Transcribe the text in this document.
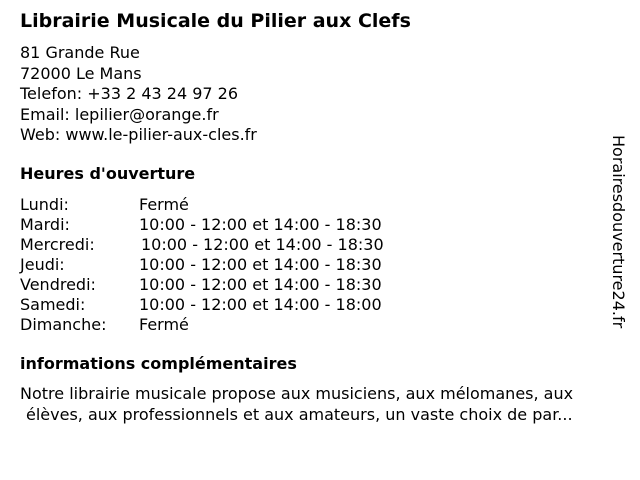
Librairie Musicale du Pilier aux Clefs
81 Grande Rue
72000 Le Mans
Telefon: +33 2 43 24 97 26
Email: lepilier@orange.fr
Web: www.le-pilier-aux-cles.fr
Heures d'ouverture
Lundi:	Fermé
Mardi:	10:00 - 12:00 et 14:00 - 18:30
Mercredi:	10:00 - 12:00 et 14:00 - 18:30
Jeudi:	10:00 - 12:00 et 14:00 - 18:30
Vendredi:	10:00 - 12:00 et 14:00 - 18:30
Samedi:	10:00 - 12:00 et 14:00 - 18:00
Dimanche: Fermé
informations complémentaires
Notre librairie musicale propose aux musiciens, aux mélomanes, aux
élèves, aux professionnels et aux amateurs, un vaste choix de par...
Horairesdouverture24.fr
